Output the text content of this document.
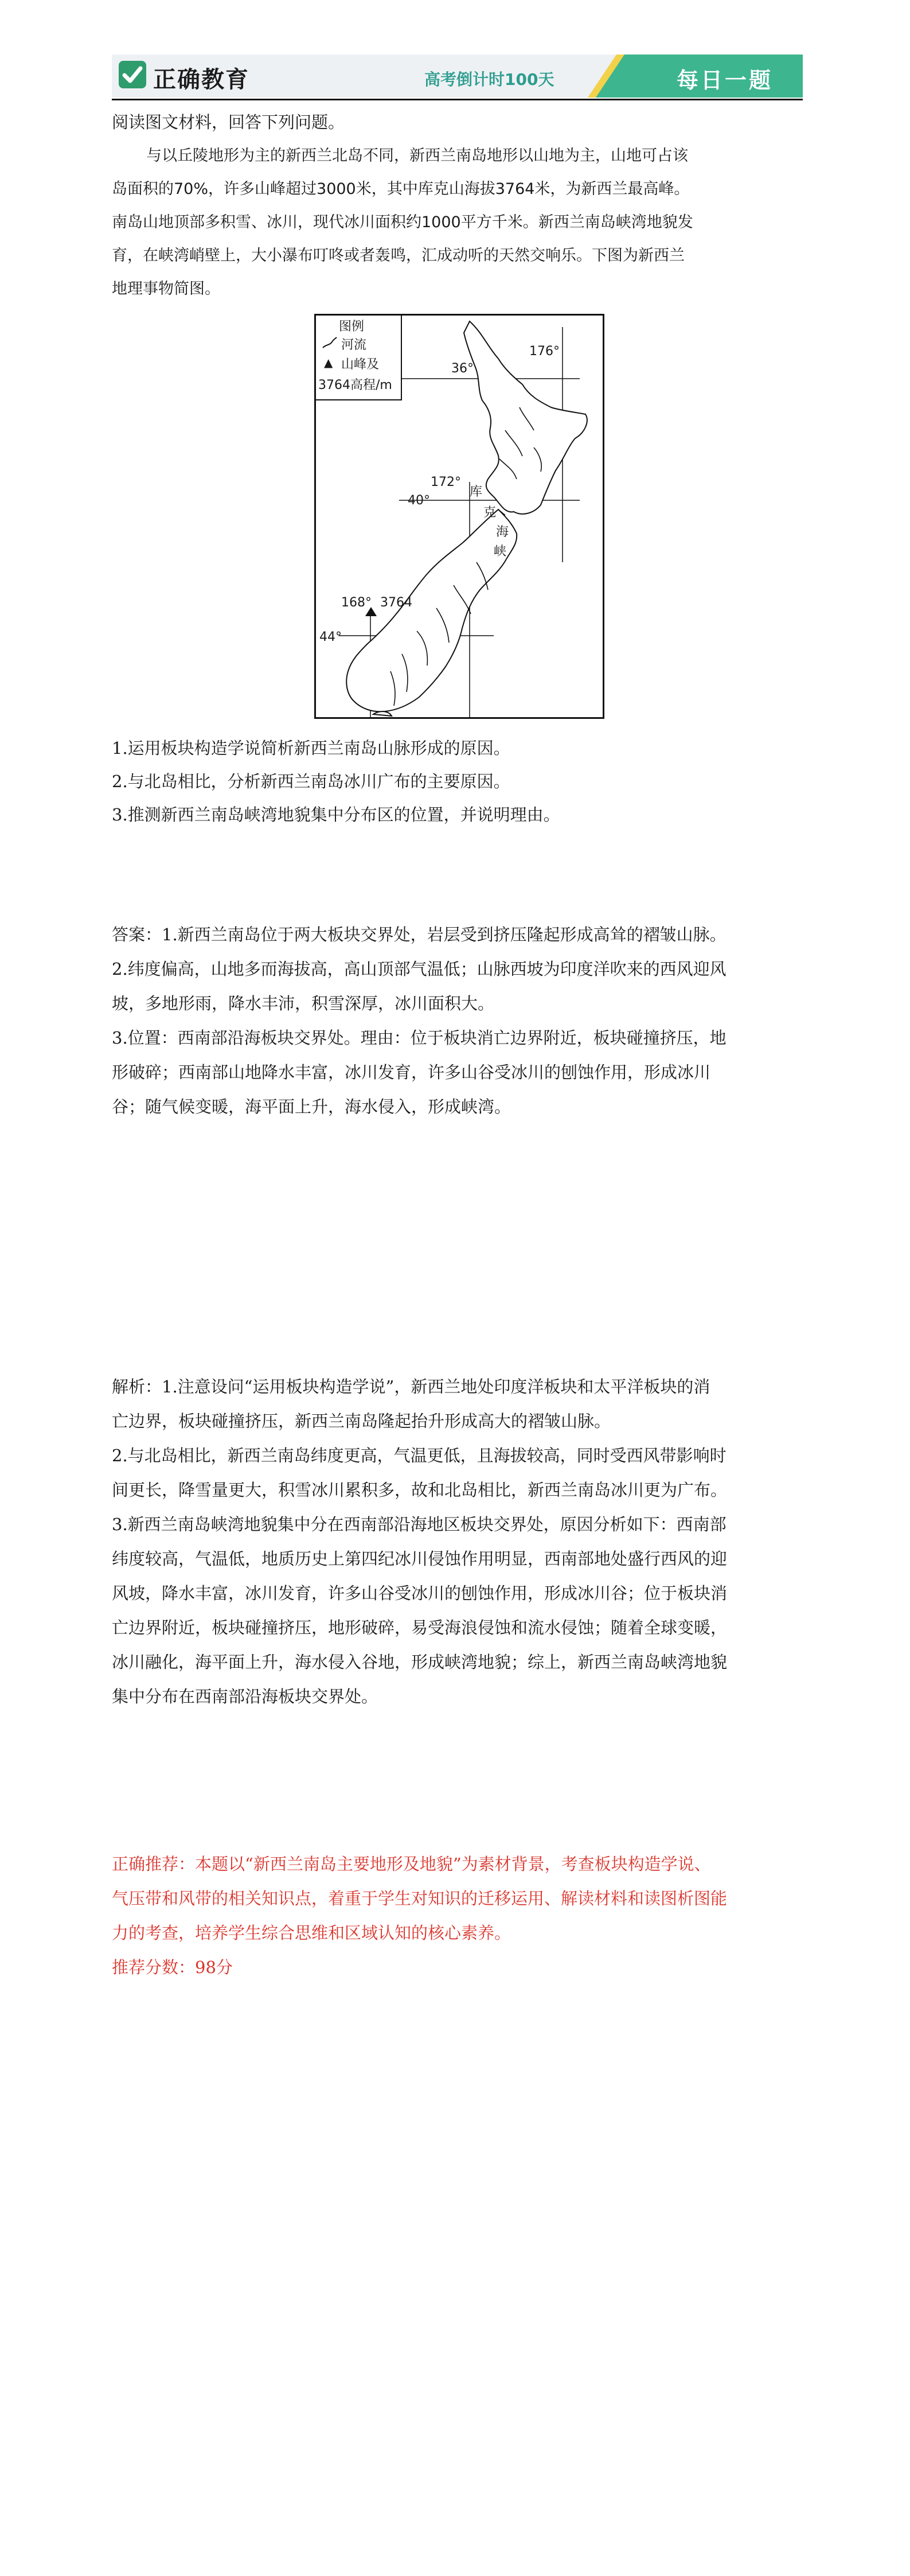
正确教育	高考倒计时100天	每日一题

阅读图文材料，回答下列问题。

与以丘陵地形为主的新西兰北岛不同，新西兰南岛地形以山地为主，山地可占该

岛面积的70%，许多山峰超过3000米，其中库克山海拔3764米，为新西兰最高峰。

南岛山地顶部多积雪、冰川，现代冰川面积约1000平方千米。新西兰南岛峡湾地貌发

育，在峡湾峭壁上，大小瀑布叮咚或者轰鸣，汇成动听的天然交响乐。下图为新西兰

地理事物简图。

图例
河流
▲ 山峰及
3764高程/m
36°
176°
172°
40°
库
克
海
峡
168° 3764
44°

1.运用板块构造学说简析新西兰南岛山脉形成的原因。

2.与北岛相比，分析新西兰南岛冰川广布的主要原因。

3.推测新西兰南岛峡湾地貌集中分布区的位置，并说明理由。

答案：1.新西兰南岛位于两大板块交界处，岩层受到挤压隆起形成高耸的褶皱山脉。

2.纬度偏高，山地多而海拔高，高山顶部气温低；山脉西坡为印度洋吹来的西风迎风

坡，多地形雨，降水丰沛，积雪深厚，冰川面积大。

3.位置：西南部沿海板块交界处。理由：位于板块消亡边界附近，板块碰撞挤压，地

形破碎；西南部山地降水丰富，冰川发育，许多山谷受冰川的刨蚀作用，形成冰川

谷；随气候变暖，海平面上升，海水侵入，形成峡湾。

解析：1.注意设问“运用板块构造学说”，新西兰地处印度洋板块和太平洋板块的消

亡边界，板块碰撞挤压，新西兰南岛隆起抬升形成高大的褶皱山脉。

2.与北岛相比，新西兰南岛纬度更高，气温更低，且海拔较高，同时受西风带影响时

间更长，降雪量更大，积雪冰川累积多，故和北岛相比，新西兰南岛冰川更为广布。

3.新西兰南岛峡湾地貌集中分在西南部沿海地区板块交界处，原因分析如下：西南部

纬度较高，气温低，地质历史上第四纪冰川侵蚀作用明显，西南部地处盛行西风的迎

风坡，降水丰富，冰川发育，许多山谷受冰川的刨蚀作用，形成冰川谷；位于板块消

亡边界附近，板块碰撞挤压，地形破碎，易受海浪侵蚀和流水侵蚀；随着全球变暖，

冰川融化，海平面上升，海水侵入谷地，形成峡湾地貌；综上，新西兰南岛峡湾地貌

集中分布在西南部沿海板块交界处。

正确推荐：本题以“新西兰南岛主要地形及地貌”为素材背景，考查板块构造学说、

气压带和风带的相关知识点，着重于学生对知识的迁移运用、解读材料和读图析图能

力的考查，培养学生综合思维和区域认知的核心素养。

推荐分数：98分
